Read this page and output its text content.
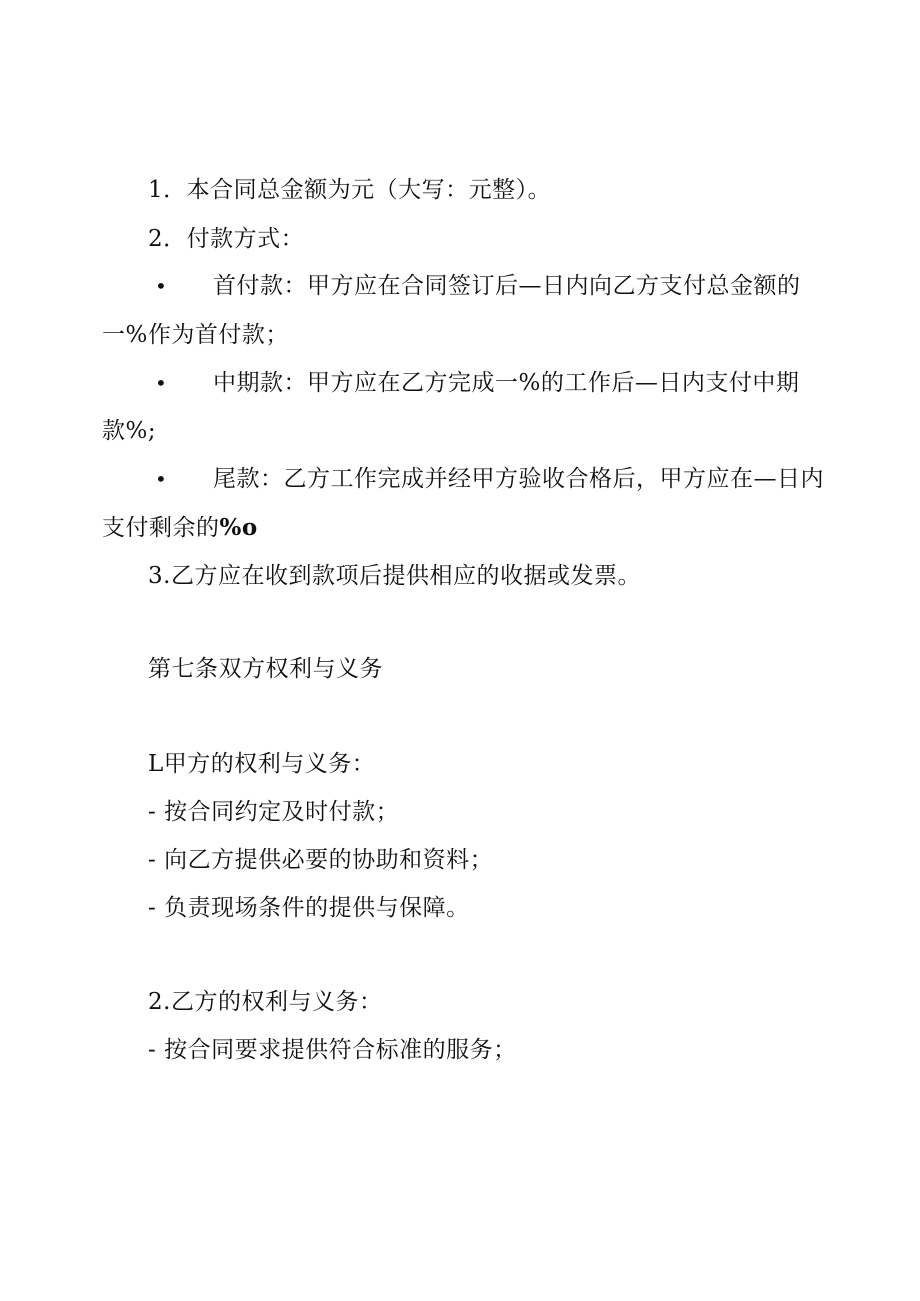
1．本合同总金额为元（大写：元整）。
2．付款方式：
• 首付款：甲方应在合同签订后—日内向乙方支付总金额的
一%作为首付款；
• 中期款：甲方应在乙方完成一%的工作后—日内支付中期
款%;
• 尾款：乙方工作完成并经甲方验收合格后，甲方应在—日内
支付剩余的%o
3.乙方应在收到款项后提供相应的收据或发票。
第七条双方权利与义务
L甲方的权利与义务：
- 按合同约定及时付款；
- 向乙方提供必要的协助和资料；
- 负责现场条件的提供与保障。
2.乙方的权利与义务：
- 按合同要求提供符合标准的服务；
